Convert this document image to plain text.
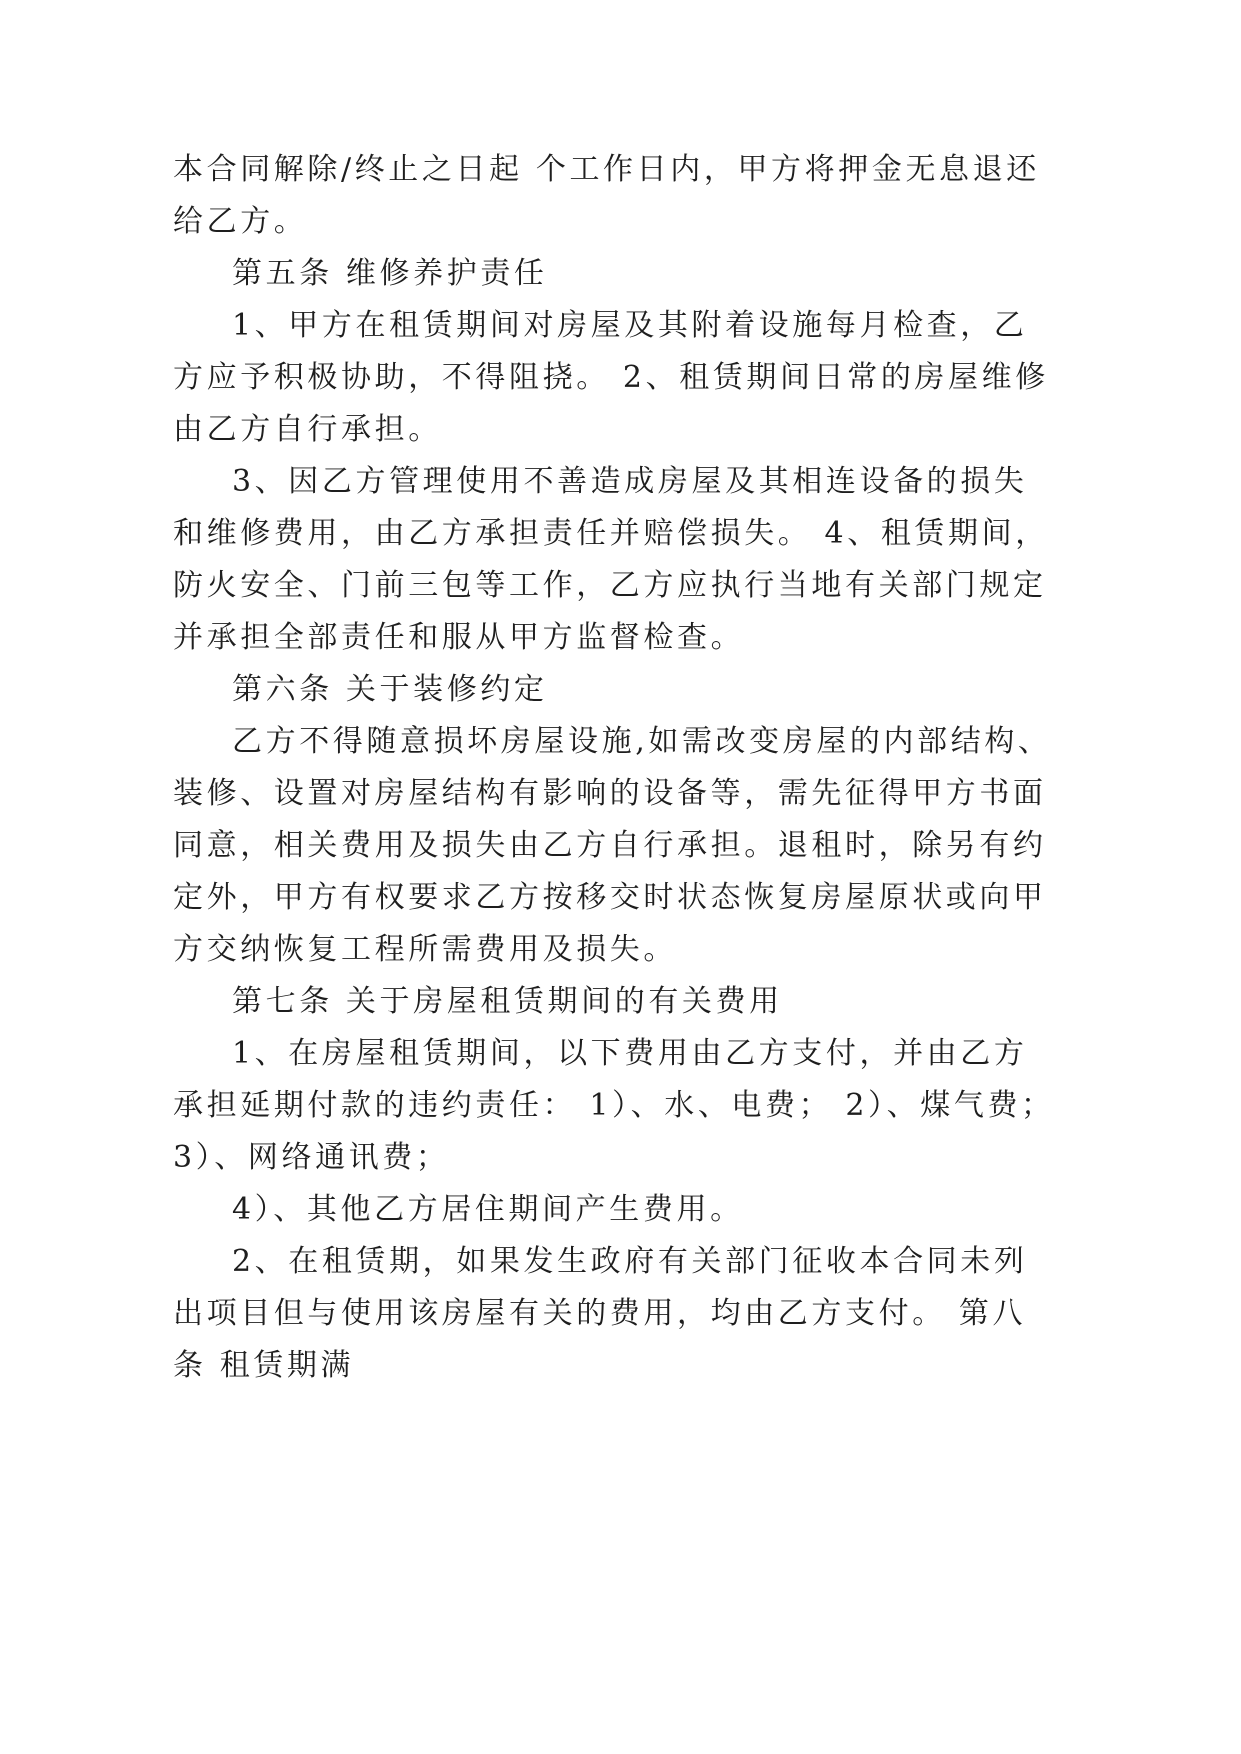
本合同解除/终止之日起 个工作日内，甲方将押金无息退还
给乙方。
第五条 维修养护责任
1、甲方在租赁期间对房屋及其附着设施每月检查，乙
方应予积极协助，不得阻挠。 2、租赁期间日常的房屋维修
由乙方自行承担。
3、因乙方管理使用不善造成房屋及其相连设备的损失
和维修费用，由乙方承担责任并赔偿损失。 4、租赁期间，
防火安全、门前三包等工作，乙方应执行当地有关部门规定
并承担全部责任和服从甲方监督检查。
第六条 关于装修约定
乙方不得随意损坏房屋设施,如需改变房屋的内部结构、
装修、设置对房屋结构有影响的设备等，需先征得甲方书面
同意，相关费用及损失由乙方自行承担。退租时，除另有约
定外，甲方有权要求乙方按移交时状态恢复房屋原状或向甲
方交纳恢复工程所需费用及损失。
第七条 关于房屋租赁期间的有关费用
1、在房屋租赁期间，以下费用由乙方支付，并由乙方
承担延期付款的违约责任： 1）、水、电费； 2）、煤气费；
3）、网络通讯费；
4）、其他乙方居住期间产生费用。
2、在租赁期，如果发生政府有关部门征收本合同未列
出项目但与使用该房屋有关的费用，均由乙方支付。 第八
条 租赁期满
